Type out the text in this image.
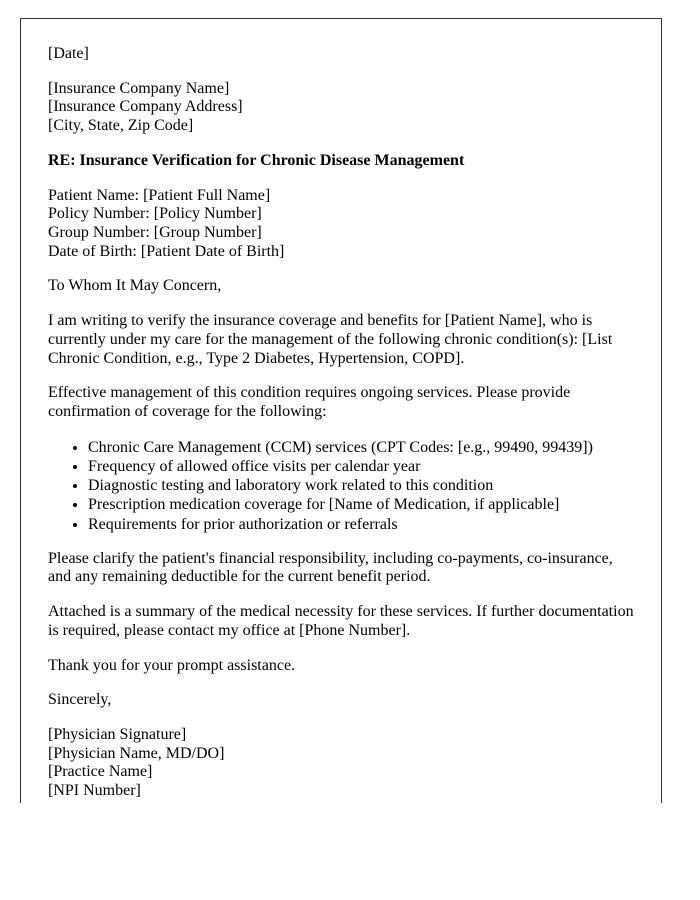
[Date]

[Insurance Company Name]
[Insurance Company Address]
[City, State, Zip Code]

RE: Insurance Verification for Chronic Disease Management

Patient Name: [Patient Full Name]
Policy Number: [Policy Number]
Group Number: [Group Number]
Date of Birth: [Patient Date of Birth]

To Whom It May Concern,

I am writing to verify the insurance coverage and benefits for [Patient Name], who is currently under my care for the management of the following chronic condition(s): [List Chronic Condition, e.g., Type 2 Diabetes, Hypertension, COPD].

Effective management of this condition requires ongoing services. Please provide confirmation of coverage for the following:

• Chronic Care Management (CCM) services (CPT Codes: [e.g., 99490, 99439])
• Frequency of allowed office visits per calendar year
• Diagnostic testing and laboratory work related to this condition
• Prescription medication coverage for [Name of Medication, if applicable]
• Requirements for prior authorization or referrals

Please clarify the patient's financial responsibility, including co-payments, co-insurance, and any remaining deductible for the current benefit period.

Attached is a summary of the medical necessity for these services. If further documentation is required, please contact my office at [Phone Number].

Thank you for your prompt assistance.

Sincerely,

[Physician Signature]
[Physician Name, MD/DO]
[Practice Name]
[NPI Number]
